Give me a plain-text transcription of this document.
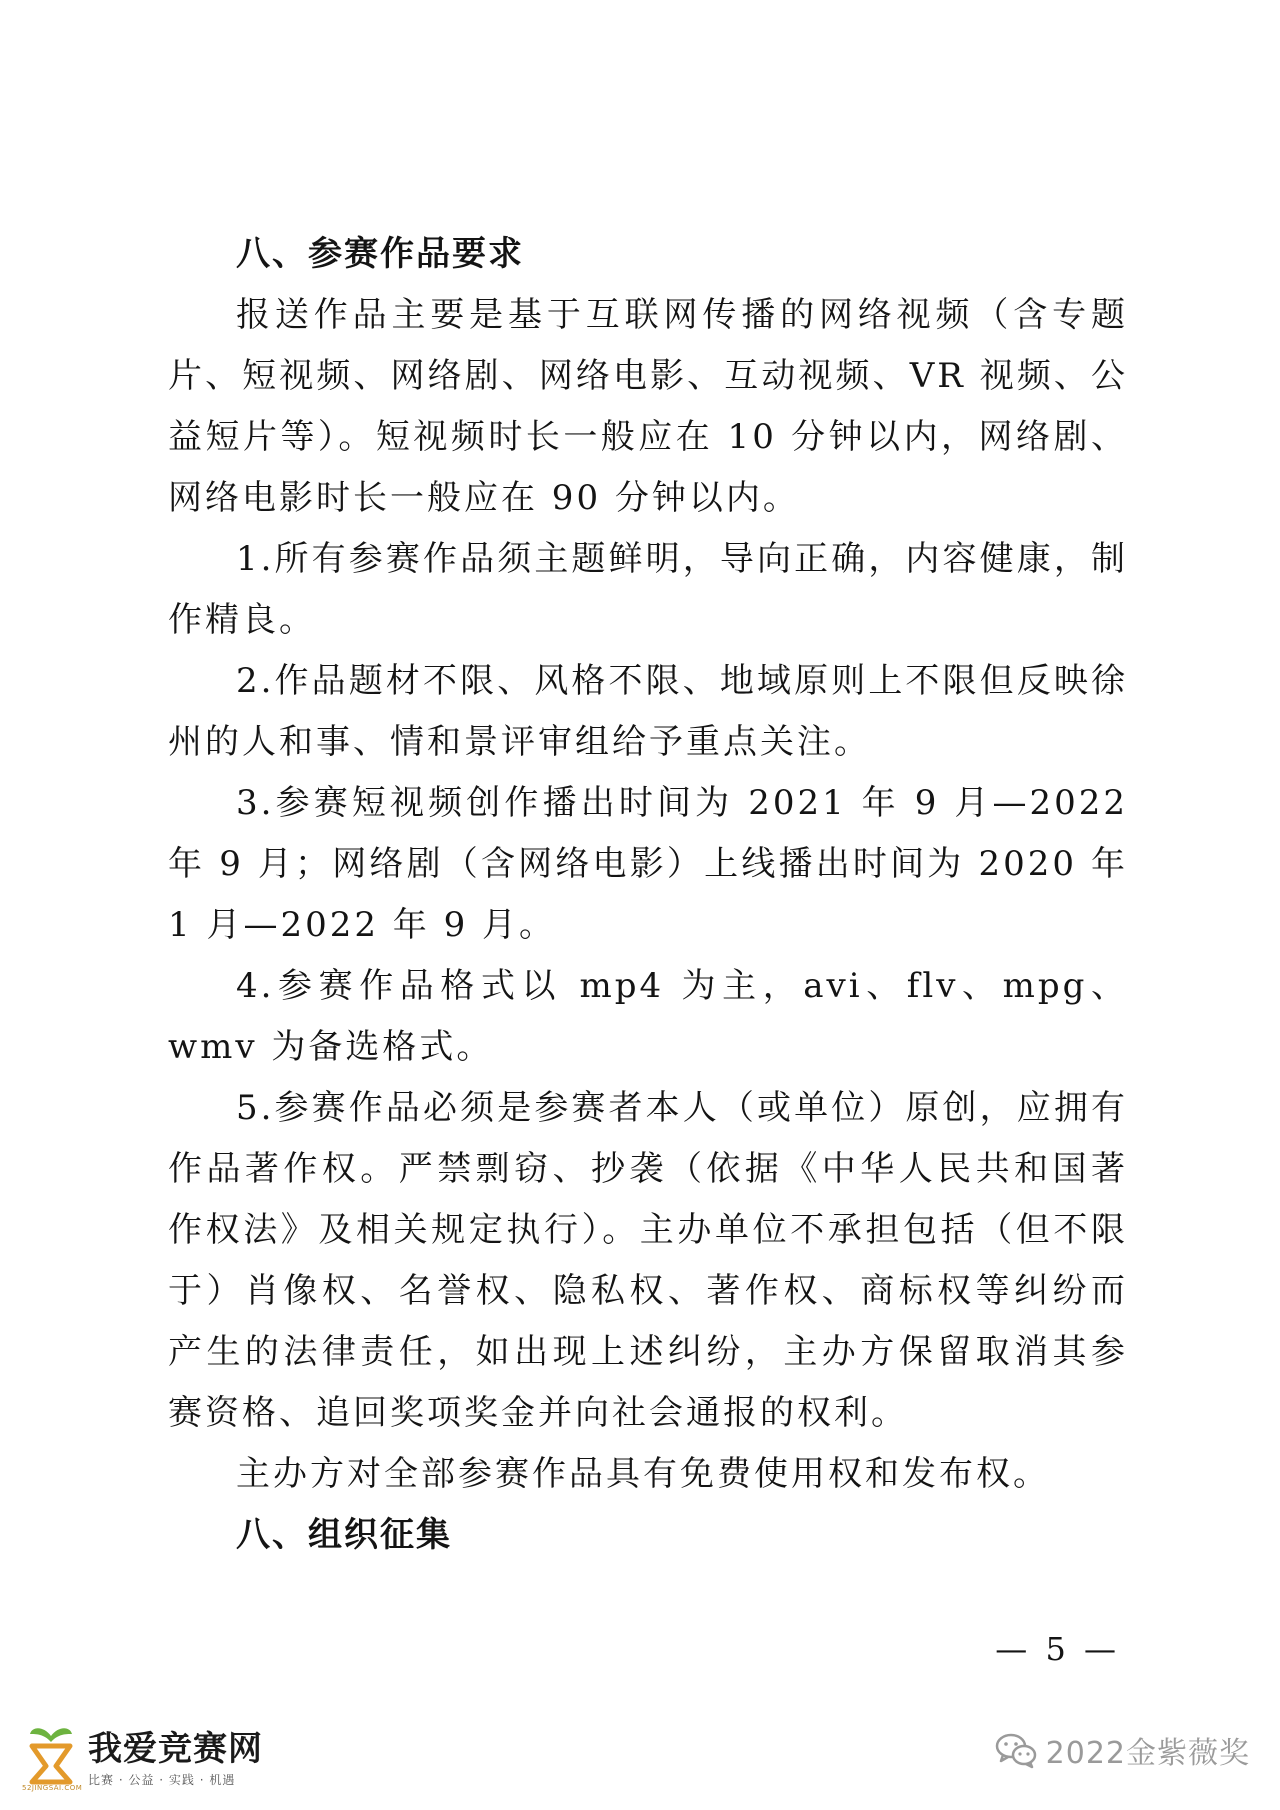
八、参赛作品要求

报送作品主要是基于互联网传播的网络视频（含专题片、短视频、网络剧、网络电影、互动视频、VR 视频、公益短片等）。短视频时长一般应在 10 分钟以内，网络剧、网络电影时长一般应在 90 分钟以内。

1.所有参赛作品须主题鲜明，导向正确，内容健康，制作精良。

2.作品题材不限、风格不限、地域原则上不限但反映徐州的人和事、情和景评审组给予重点关注。

3.参赛短视频创作播出时间为 2021 年 9 月—2022 年 9 月；网络剧（含网络电影）上线播出时间为 2020 年 1 月—2022 年 9 月。

4.参赛作品格式以 mp4 为主，avi、flv、mpg、wmv 为备选格式。

5.参赛作品必须是参赛者本人（或单位）原创，应拥有作品著作权。严禁剽窃、抄袭（依据《中华人民共和国著作权法》及相关规定执行）。主办单位不承担包括（但不限于）肖像权、名誉权、隐私权、著作权、商标权等纠纷而产生的法律责任，如出现上述纠纷，主办方保留取消其参赛资格、追回奖项奖金并向社会通报的权利。

主办方对全部参赛作品具有免费使用权和发布权。

八、组织征集

— 5 —
52JINGSAI.COM
我爱竞赛网
比赛 · 公益 · 实践 · 机遇
2022金紫薇奖
